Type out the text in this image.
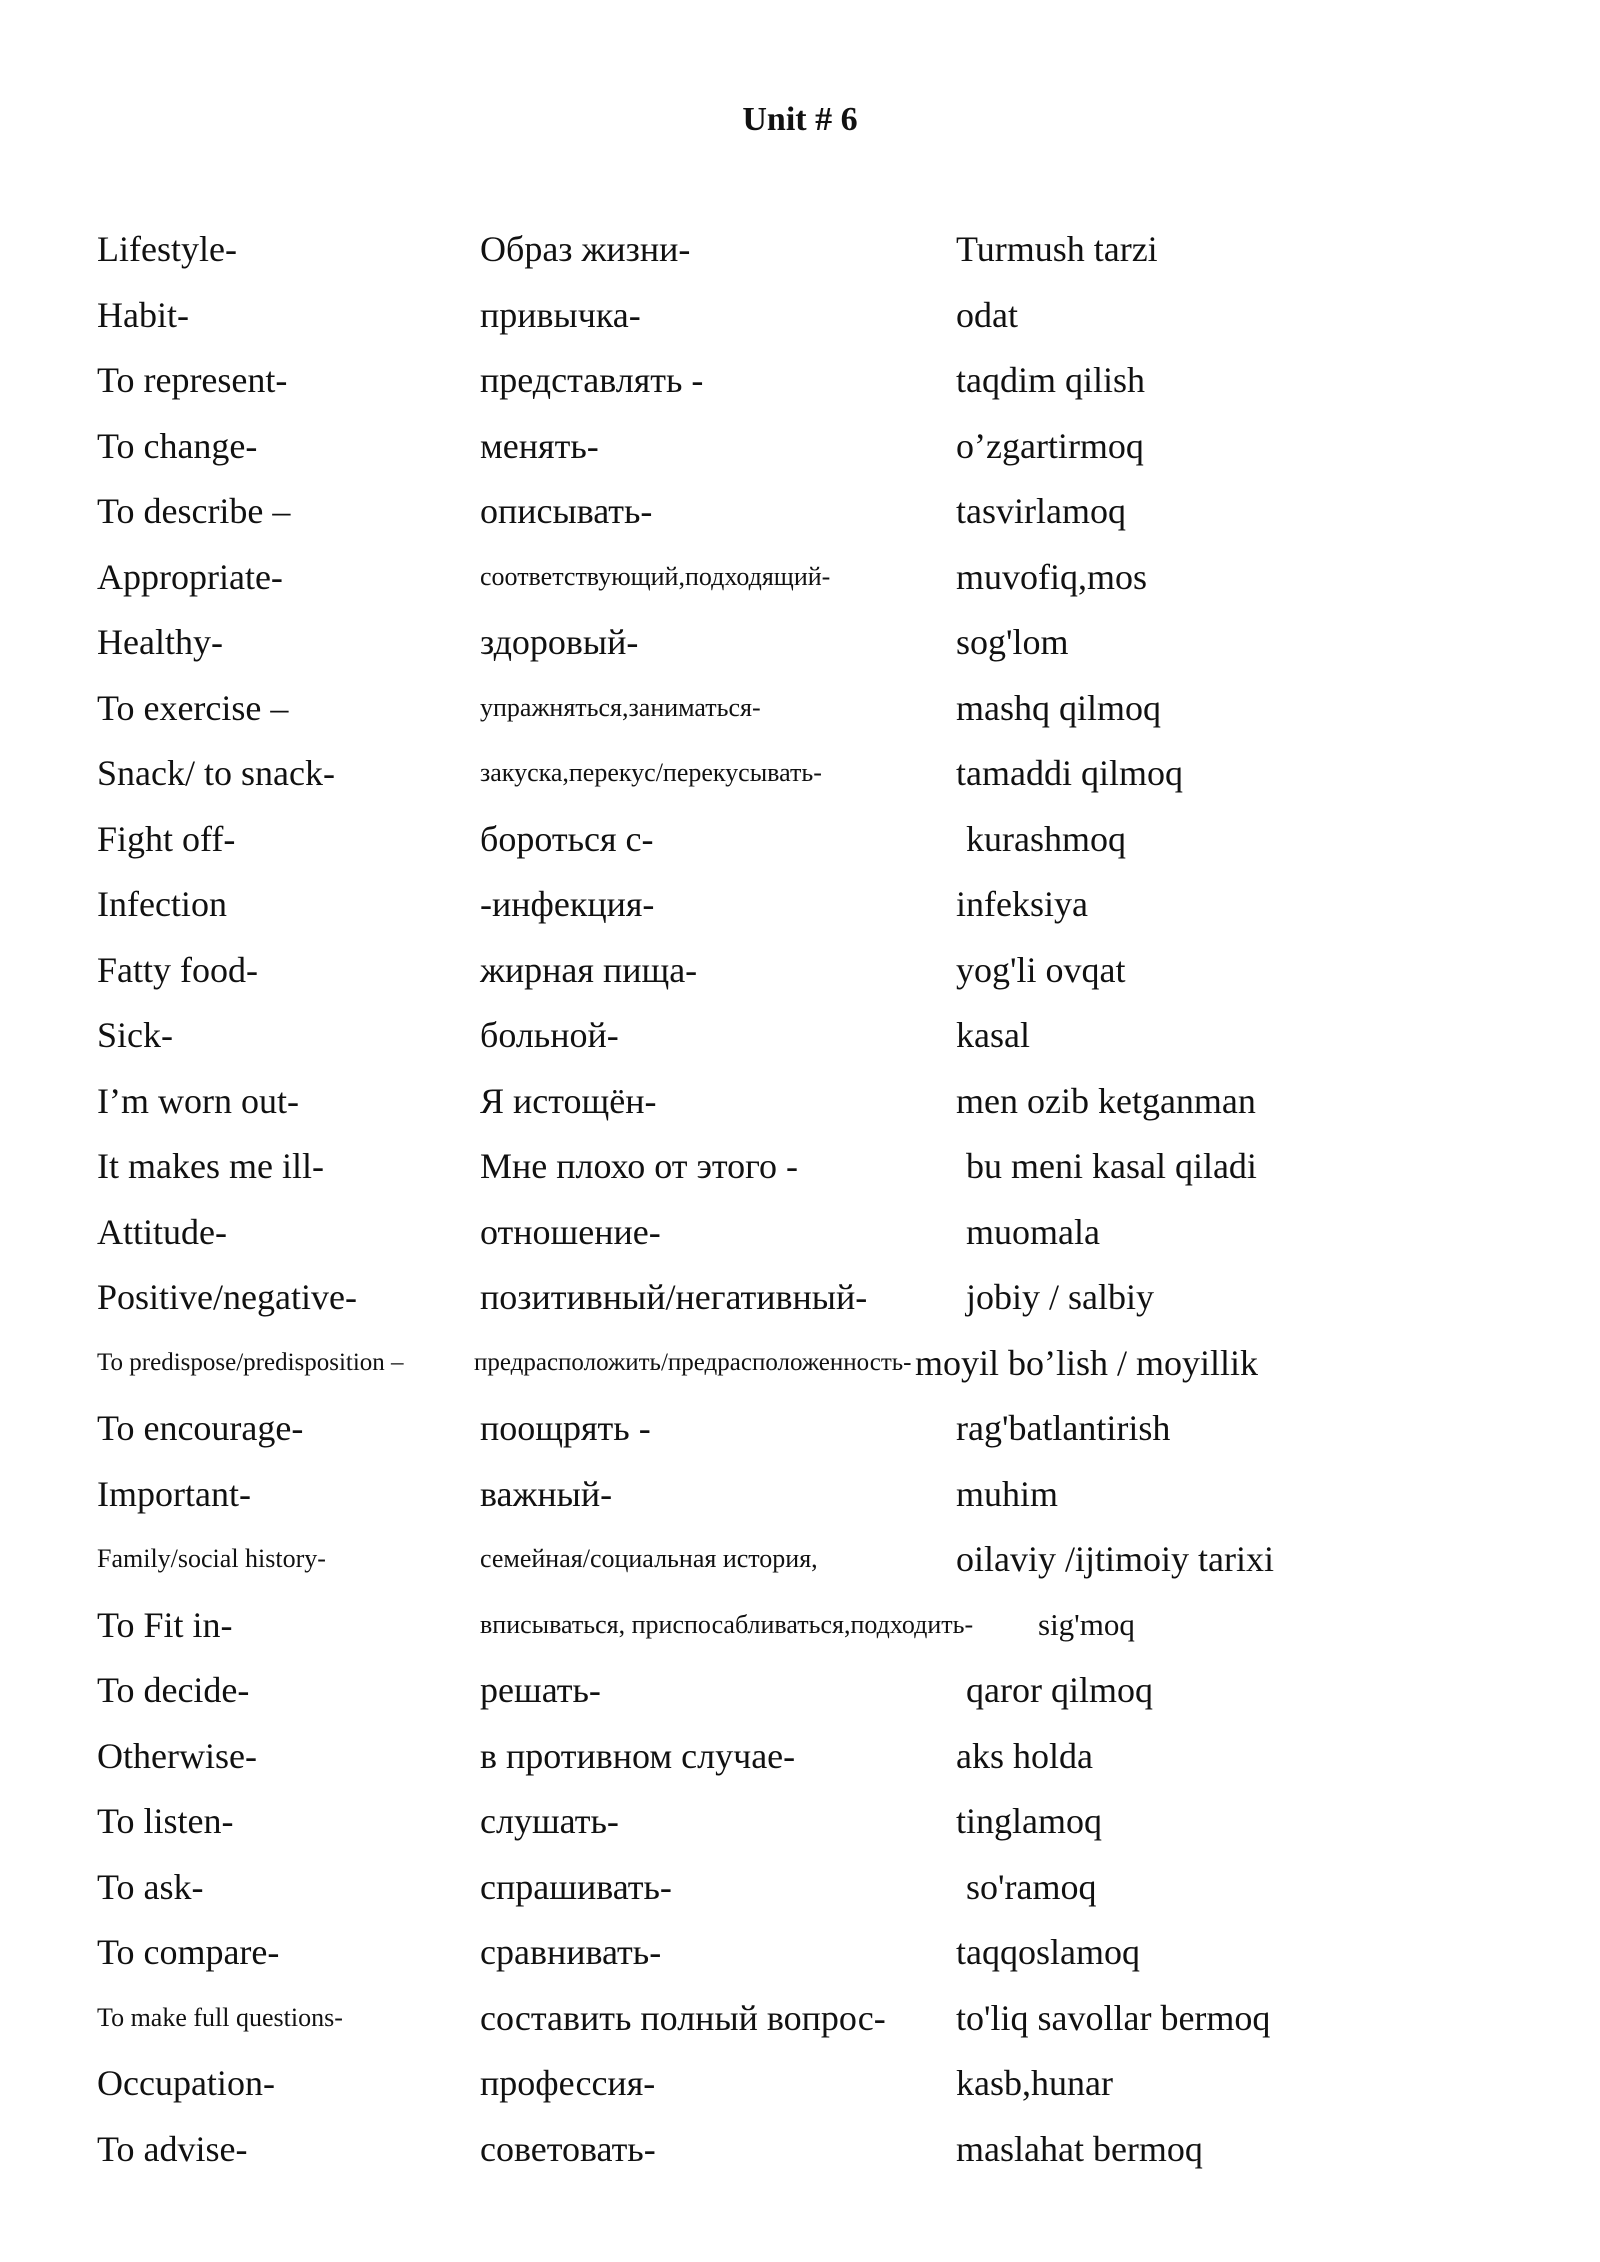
Unit # 6
Lifestyle-	Образ жизни-	Turmush tarzi
Habit-	привычка-	odat
To represent-	представлять -	taqdim qilish
To change-	менять-	o’zgartirmoq
To describe –	описывать-	tasvirlamoq
Appropriate-	соответствующий,подходящий-	muvofiq,mos
Healthy-	здоровый-	sog'lom
To exercise –	упражняться,заниматься-	mashq qilmoq
Snack/ to snack-	закуска,перекус/перекусывать-	tamaddi qilmoq
Fight off-	бороться с-	kurashmoq
Infection	-инфекция-	infeksiya
Fatty food-	жирная пища-	yog'li ovqat
Sick-	больной-	kasal
I’m worn out-	Я истощён-	men ozib ketganman
It makes me ill-	Мне плохо от этого -	bu meni kasal qiladi
Attitude-	отношение-	muomala
Positive/negative-	позитивный/негативный-	jobiy / salbiy
To predispose/predisposition –	предрасположить/предрасположенность- moyil bo’lish / moyillik
To encourage-	поощрять -	rag'batlantirish
Important-	важный-	muhim
Family/social history-	семейная/социальная история,	oilaviy /ijtimoiy tarixi
To Fit in-	вписываться, приспосабливаться,подходить- sig'moq
To decide-	решать-	qaror qilmoq
Otherwise-	в противном случае-	aks holda
To listen-	слушать-	tinglamoq
To ask-	спрашивать-	so'ramoq
To compare-	сравнивать-	taqqoslamoq
To make full questions-	составить полный вопрос- to'liq savollar bermoq
Occupation-	профессия-	kasb,hunar
To advise-	советовать-	maslahat bermoq
